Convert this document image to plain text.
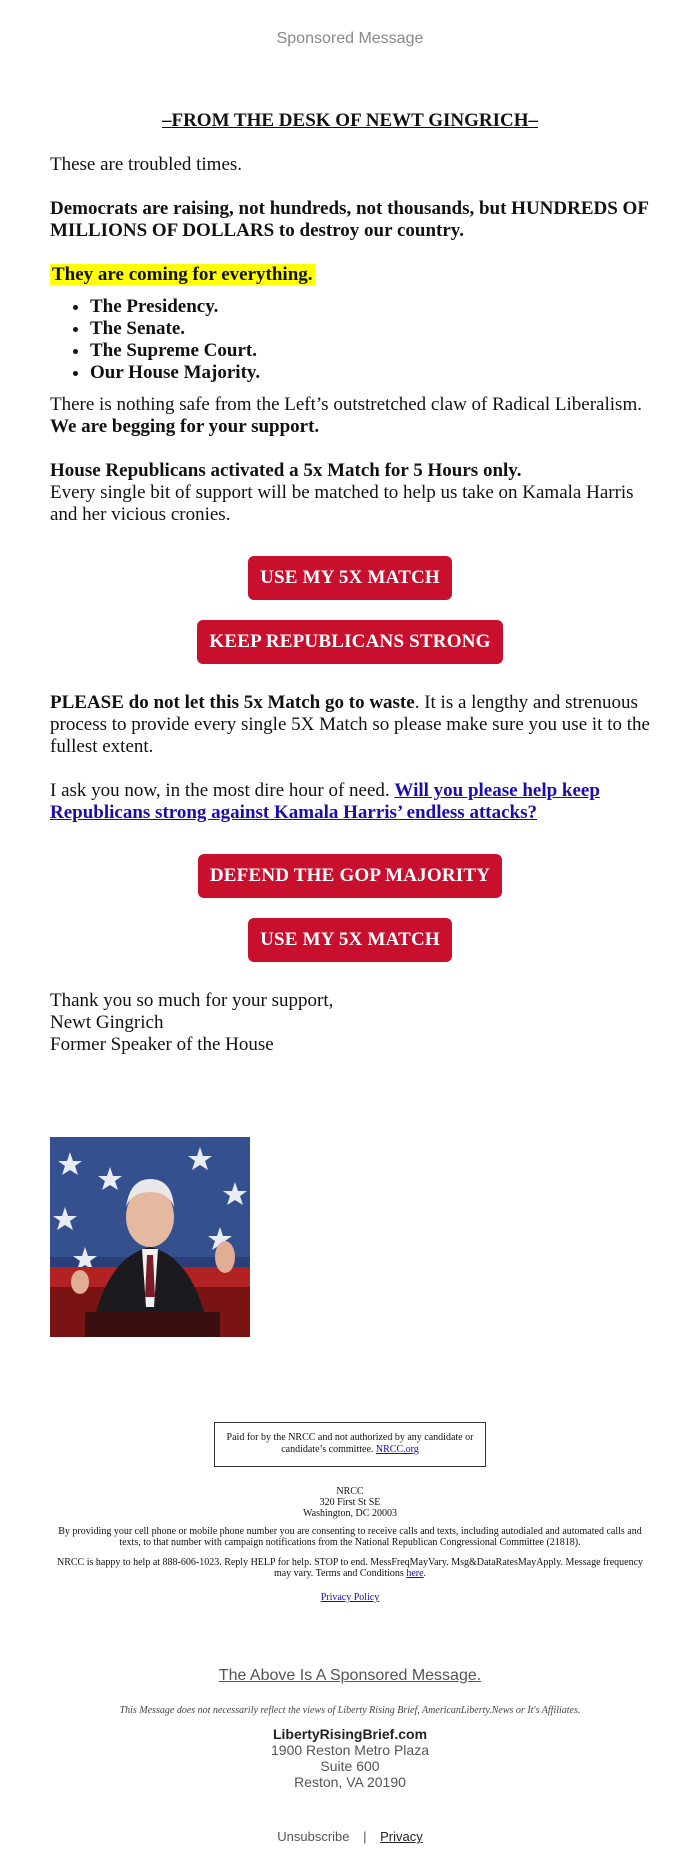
Sponsored Message
–FROM THE DESK OF NEWT GINGRICH–
These are troubled times.
Democrats are raising, not hundreds, not thousands, but HUNDREDS OF MILLIONS OF DOLLARS to destroy our country.
They are coming for everything.
• The Presidency.
• The Senate.
• The Supreme Court.
• Our House Majority.
There is nothing safe from the Left’s outstretched claw of Radical Liberalism. We are begging for your support.
House Republicans activated a 5x Match for 5 Hours only.
Every single bit of support will be matched to help us take on Kamala Harris and her vicious cronies.
USE MY 5X MATCH
KEEP REPUBLICANS STRONG
PLEASE do not let this 5x Match go to waste. It is a lengthy and strenuous process to provide every single 5X Match so please make sure you use it to the fullest extent.
I ask you now, in the most dire hour of need. Will you please help keep Republicans strong against Kamala Harris’ endless attacks?
DEFEND THE GOP MAJORITY
USE MY 5X MATCH
Thank you so much for your support,
Newt Gingrich
Former Speaker of the House
Paid for by the NRCC and not authorized by any candidate or candidate’s committee. NRCC.org
NRCC
320 First St SE
Washington, DC 20003
By providing your cell phone or mobile phone number you are consenting to receive calls and texts, including autodialed and automated calls and texts, to that number with campaign notifications from the National Republican Congressional Committee (21818).
NRCC is happy to help at 888-606-1023. Reply HELP for help. STOP to end. MessFreqMayVary. Msg&DataRatesMayApply. Message frequency may vary. Terms and Conditions here.
Privacy Policy
The Above Is A Sponsored Message.
This Message does not necessarily reflect the views of Liberty Rising Brief, AmericanLiberty.News or It's Affiliates.
LibertyRisingBrief.com
1900 Reston Metro Plaza
Suite 600
Reston, VA 20190
Unsubscribe | Privacy
